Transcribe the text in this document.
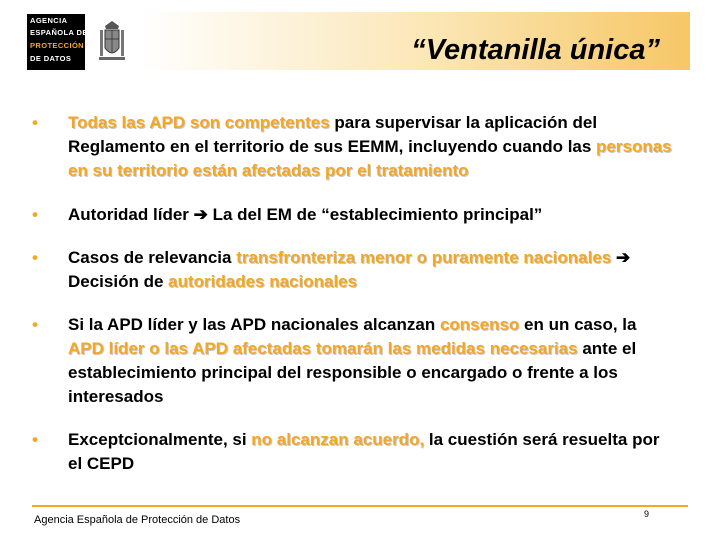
AGENCIA
ESPAÑOLA DE
PROTECCIÓN
DE DATOS	“Ventanilla única”
• Todas las APD son competentes para supervisar la aplicación del Reglamento en el territorio de sus EEMM, incluyendo cuando las personas en su territorio están afectadas por el tratamiento
• Autoridad líder ➔ La del EM de “establecimiento principal”
• Casos de relevancia transfronteriza menor o puramente nacionales ➔ Decisión de autoridades nacionales
• Si la APD líder y las APD nacionales alcanzan consenso en un caso, la APD líder o las APD afectadas tomarán las medidas necesarias ante el establecimiento principal del responsible o encargado o frente a los interesados
• Exceptcionalmente, si no alcanzan acuerdo, la cuestión será resuelta por el CEPD
Agencia Española de Protección de Datos	9
